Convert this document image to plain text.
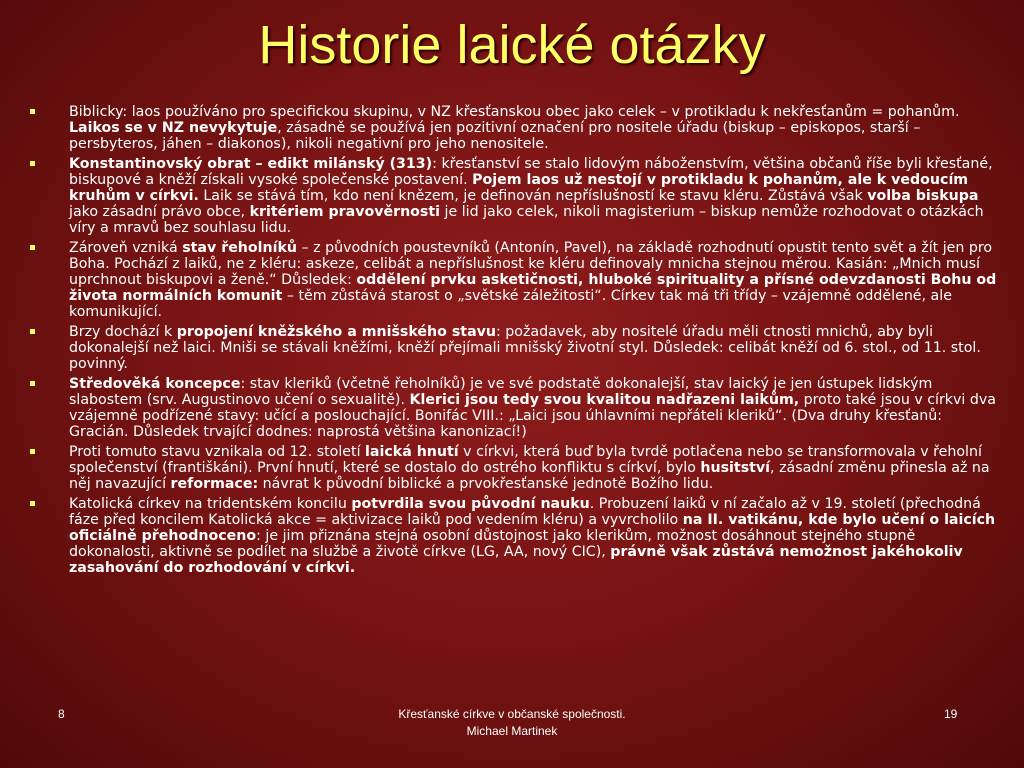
Historie laické otázky
Biblicky: laos používáno pro specifickou skupinu, v NZ křesťanskou obec jako celek – v protikladu k nekřesťanům = pohanům. Laikos se v NZ nevykytuje, zásadně se používá jen pozitivní označení pro nositele úřadu (biskup – episkopos, starší – persbyteros, jáhen – diakonos), nikoli negativní pro jeho nenositele.
Konstantinovský obrat – edikt milánský (313): křesťanství se stalo lidovým náboženstvím, většina občanů říše byli křesťané, biskupové a kněží získali vysoké společenské postavení. Pojem laos už nestojí v protikladu k pohanům, ale k vedoucím kruhům v církvi. Laik se stává tím, kdo není knězem, je definován nepříslušností ke stavu kléru. Zůstává však volba biskupa jako zásadní právo obce, kritériem pravověrnosti je lid jako celek, nikoli magisterium – biskup nemůže rozhodovat o otázkách víry a mravů bez souhlasu lidu.
Zároveň vzniká stav řeholníků – z původních poustevníků (Antonín, Pavel), na základě rozhodnutí opustit tento svět a žít jen pro Boha. Pochází z laiků, ne z kléru: askeze, celibát a nepříslušnost ke kléru definovaly mnicha stejnou měrou. Kasián: „Mnich musí uprchnout biskupovi a ženě.“ Důsledek: oddělení prvku asketičnosti, hluboké spirituality a přísné odevzdanosti Bohu od života normálních komunit – těm zůstává starost o „světské záležitosti“. Církev tak má tři třídy – vzájemně oddělené, ale komunikující.
Brzy dochází k propojení kněžského a mnišského stavu: požadavek, aby nositelé úřadu měli ctnosti mnichů, aby byli dokonalejší než laici. Mniši se stávali kněžími, kněží přejímali mnišský životní styl. Důsledek: celibát kněží od 6. stol., od 11. stol. povinný.
Středověká koncepce: stav kleriků (včetně řeholníků) je ve své podstatě dokonalejší, stav laický je jen ústupek lidským slabostem (srv. Augustinovo učení o sexualitě). Klerici jsou tedy svou kvalitou nadřazeni laikům, proto také jsou v církvi dva vzájemně podřízené stavy: učící a poslouchající. Bonifác VIII.: „Laici jsou úhlavními nepřáteli kleriků“. (Dva druhy křesťanů: Gracián. Důsledek trvající dodnes: naprostá většina kanonizací!)
Proti tomuto stavu vznikala od 12. století laická hnutí v církvi, která buď byla tvrdě potlačena nebo se transformovala v řeholní společenství (františkáni). První hnutí, které se dostalo do ostrého konfliktu s církví, bylo husitství, zásadní změnu přinesla až na něj navazující reformace: návrat k původní biblické a prvokřesťanské jednotě Božího lidu.
Katolická církev na tridentském koncilu potvrdila svou původní nauku. Probuzení laiků v ní začalo až v 19. století (přechodná fáze před koncilem Katolická akce = aktivizace laiků pod vedením kléru) a vyvrcholilo na II. vatikánu, kde bylo učení o laicích oficiálně přehodnoceno: je jim přiznána stejná osobní důstojnost jako klerikům, možnost dosáhnout stejného stupně dokonalosti, aktivně se podílet na službě a životě církve (LG, AA, nový CIC), právně však zůstává nemožnost jakéhokoliv zasahování do rozhodování v církvi.
8	Křesťanské církve v občanské společnosti.
Michael Martinek
19
